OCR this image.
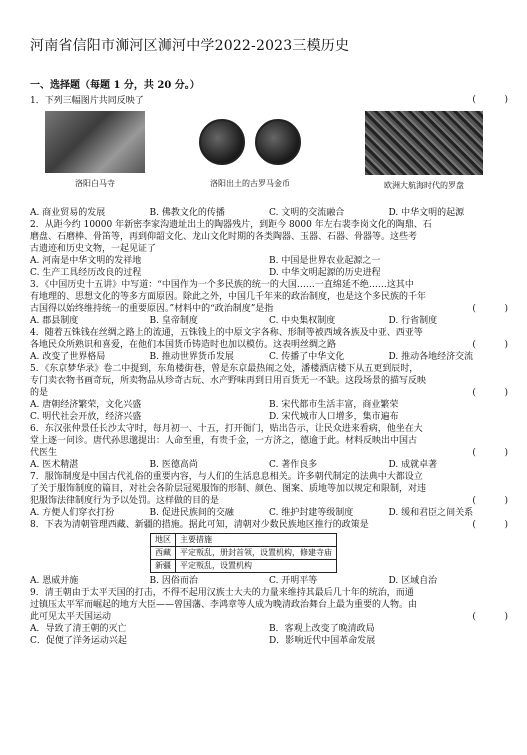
河南省信阳市浉河区浉河中学2022-2023三模历史
一、选择题（每题 1 分，共 20 分。）
1．下列三幅图片共同反映了	(          )
洛阳白马寺	洛阳出土的古罗马金币	欧洲大航海时代的罗盘
A. 商业贸易的发展	B. 佛教文化的传播	C. 文明的交流融合	D. 中华文明的起源
2．从距今约 10000 年新密李家沟遗址出土的陶器残片，到距今 8000 年左右裴李岗文化的陶鼎、石
磨盘、石磨棒、骨笛等，再到仰韶文化、龙山文化时期的各类陶器、玉器、石器、骨器等。这些考
古遗迹和历史文物，一起见证了
A. 河南是中华文明的发祥地	B. 中国是世界农业起源之一
C. 生产工具经历改良的过程	D. 中华文明起源的历史进程
3．《中国历史十五讲》中写道：“中国作为一个多民族的统一的大国……一直绵延不绝……这其中
有地理的、思想文化的等多方面原因。除此之外，中国几千年来的政治制度，也是这个多民族的千年
古国得以始终维持统一的重要原因。”材料中的“政治制度”是指	(          )
A. 郡县制度	B. 皇帝制度	C. 中央集权制度	D. 行省制度
4．随着五铢钱在丝绸之路上的流通，五铢钱上的中原文字各称、形制等被西域各族及中亚、西亚等
各地民众所熟识和喜爱，在他们本国货币铸造时也加以模仿。这表明丝绸之路	(          )
A. 改变了世界格局	B. 推动世界货币发展	C. 传播了中华文化	D. 推动各地经济交流
5．《东京梦华录》卷二中提到，东角楼街巷，曾是东京最热闹之处，潘楼酒店楼下从五更到辰时，
专门卖衣物书画奇玩，所卖物品从珍奇古玩、水产野味再到日用百货无一不缺。这段场景的描写反映
的是	(          )
A. 唐朝经济繁荣，文化兴盛	B. 宋代都市生活丰富，商业繁荣
C. 明代社会开放，经济兴盛	D. 宋代城市人口增多，集市遍布
6．东汉张仲景任长沙太守时，每月初一、十五，打开衙门，贴出告示，让民众进来看病，他坐在大
堂上逐一问诊。唐代孙思邈提出：人命至重，有贵千金，一方济之，德逾于此。材料反映出中国古
代医生	(          )
A. 医术精湛	B. 医德高尚	C. 著作良多	D. 成就卓著
7．服饰制度是中国古代礼俗的重要内容，与人们的生活息息相关。许多朝代制定的法典中大都设立
了关于服饰制度的篇目，对社会各阶层冠冕服饰的形制、颜色、图案、质地等加以规定和限制，对违
犯服饰法律制度行为予以处罚。这样做的目的是	(          )
A. 方便人们穿衣打扮	B. 促进民族间的交融	C. 维护封建等级制度	D. 缓和君臣之间关系
8．下表为清朝管理西藏、新疆的措施。据此可知，清朝对少数民族地区推行的政策是	(          )
地区	主要措施
西藏	平定叛乱，册封首领，设置机构，修建寺庙
新疆	平定叛乱，设置机构
A. 恩威并施	B. 因俗而治	C. 开明平等	D. 区域自治
9．清王朝由于太平天国的打击，不得不起用汉族士大夫的力量来维持其最后几十年的统治，而通
过镇压太平军而崛起的地方大臣——曾国藩、李鸿章等人成为晚清政治舞台上最为重要的人物。由
此可见太平天国运动	(          )
A．导致了清王朝的灭亡	B．客观上改变了晚清政局
C．促便了洋务运动兴起	D．影响近代中国革命发展
